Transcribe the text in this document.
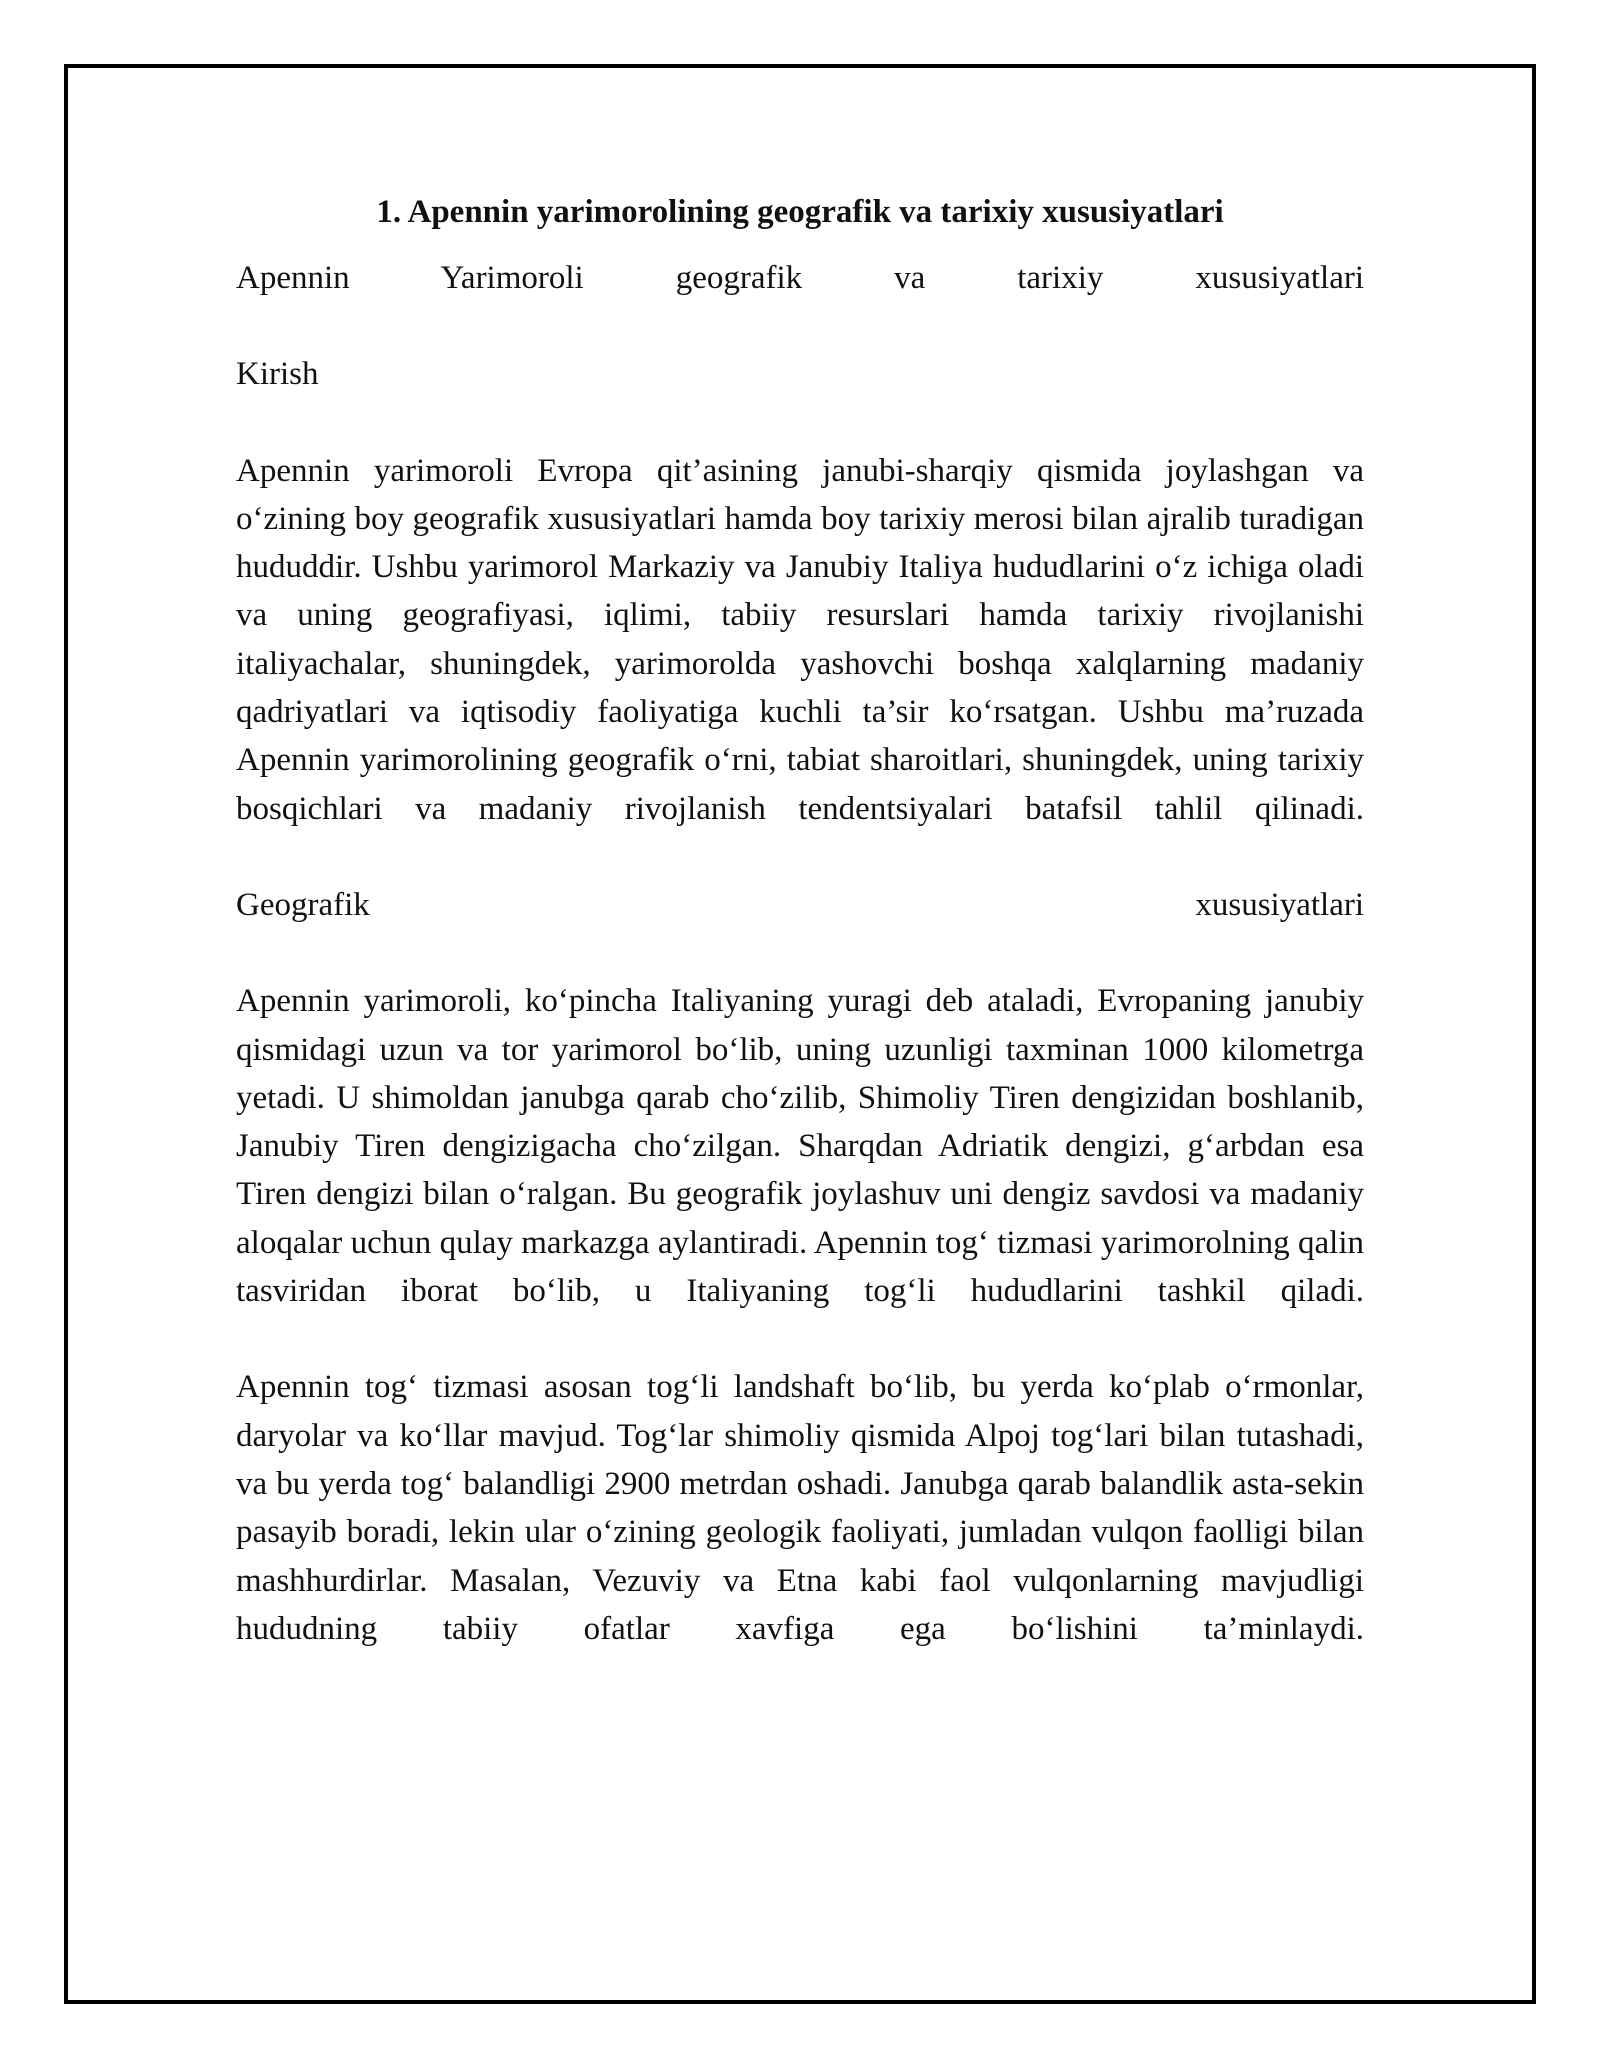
1. Apennin yarimorolining geografik va tarixiy xususiyatlari
Apennin Yarimoroli geografik va tarixiy xususiyatlari
Kirish
Apennin yarimoroli Evropa qit’asining janubi-sharqiy qismida joylashgan va o‘zining boy geografik xususiyatlari hamda boy tarixiy merosi bilan ajralib turadigan hududdir. Ushbu yarimorol Markaziy va Janubiy Italiya hududlarini o‘z ichiga oladi va uning geografiyasi, iqlimi, tabiiy resurslari hamda tarixiy rivojlanishi italiyachalar, shuningdek, yarimorolda yashovchi boshqa xalqlarning madaniy qadriyatlari va iqtisodiy faoliyatiga kuchli ta’sir ko‘rsatgan. Ushbu ma’ruzada Apennin yarimorolining geografik o‘rni, tabiat sharoitlari, shuningdek, uning tarixiy bosqichlari va madaniy rivojlanish tendentsiyalari batafsil tahlil qilinadi.
Geografik xususiyatlari
Apennin yarimoroli, ko‘pincha Italiyaning yuragi deb ataladi, Evropaning janubiy qismidagi uzun va tor yarimorol bo‘lib, uning uzunligi taxminan 1000 kilometrga yetadi. U shimoldan janubga qarab cho‘zilib, Shimoliy Tiren dengizidan boshlanib, Janubiy Tiren dengizigacha cho‘zilgan. Sharqdan Adriatik dengizi, g‘arbdan esa Tiren dengizi bilan o‘ralgan. Bu geografik joylashuv uni dengiz savdosi va madaniy aloqalar uchun qulay markazga aylantiradi. Apennin tog‘ tizmasi yarimorolning qalin tasviridan iborat bo‘lib, u Italiyaning tog‘li hududlarini tashkil qiladi.
Apennin tog‘ tizmasi asosan tog‘li landshaft bo‘lib, bu yerda ko‘plab o‘rmonlar, daryolar va ko‘llar mavjud. Tog‘lar shimoliy qismida Alpoj tog‘lari bilan tutashadi, va bu yerda tog‘ balandligi 2900 metrdan oshadi. Janubga qarab balandlik asta-sekin pasayib boradi, lekin ular o‘zining geologik faoliyati, jumladan vulqon faolligi bilan mashhurdirlar. Masalan, Vezuviy va Etna kabi faol vulqonlarning mavjudligi hududning tabiiy ofatlar xavfiga ega bo‘lishini ta’minlaydi.
